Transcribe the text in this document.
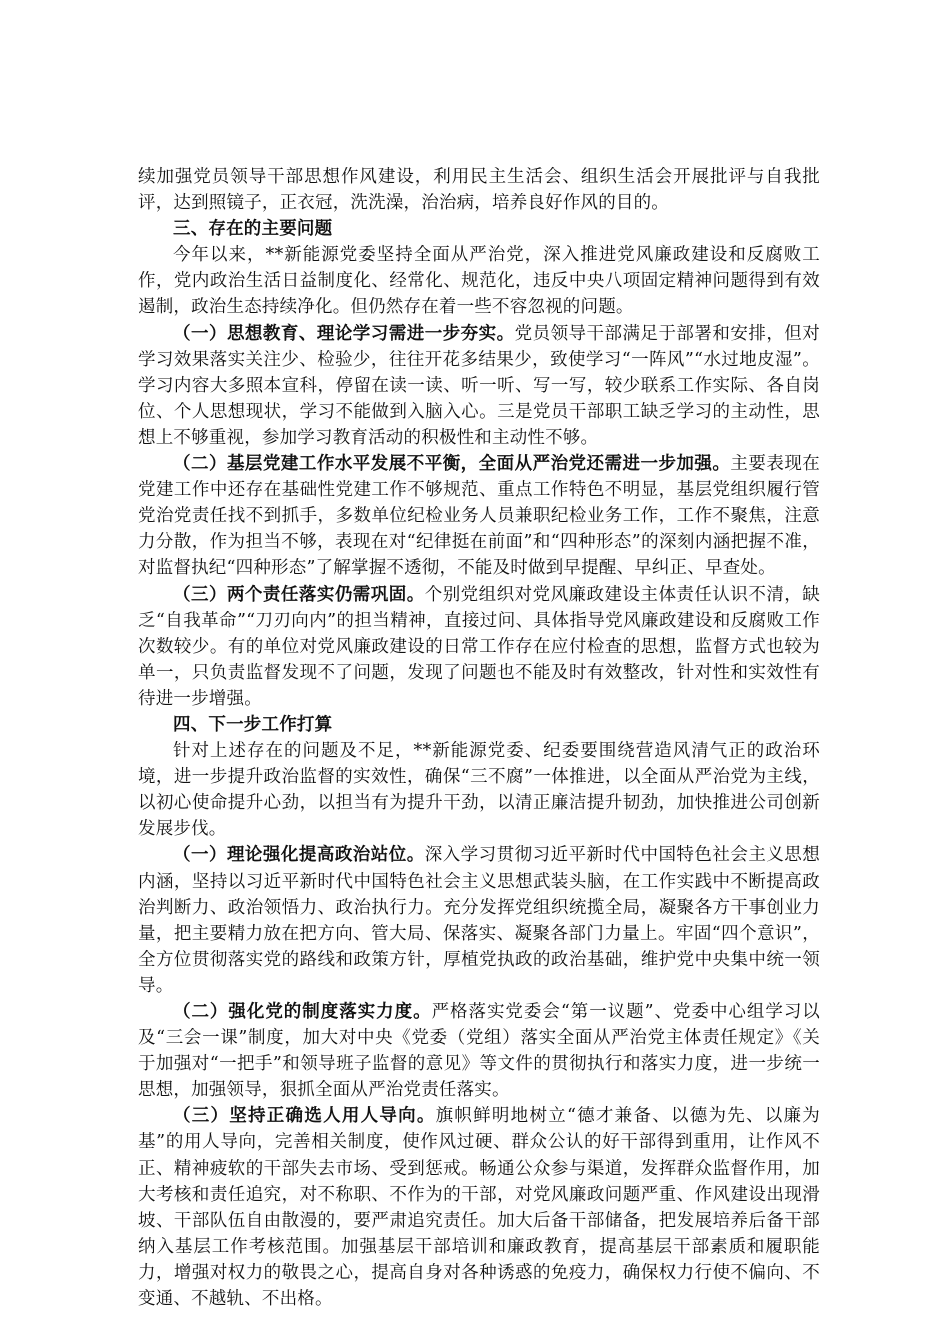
续加强党员领导干部思想作风建设，利用民主生活会、组织生活会开展批评与自我批评，达到照镜子，正衣冠，洗洗澡，治治病，培养良好作风的目的。

三、存在的主要问题

今年以来，**新能源党委坚持全面从严治党，深入推进党风廉政建设和反腐败工作，党内政治生活日益制度化、经常化、规范化，违反中央八项固定精神问题得到有效遏制，政治生态持续净化。但仍然存在着一些不容忽视的问题。

（一）思想教育、理论学习需进一步夯实。党员领导干部满足于部署和安排，但对学习效果落实关注少、检验少，往往开花多结果少，致使学习“一阵风”“水过地皮湿”。学习内容大多照本宣科，停留在读一读、听一听、写一写，较少联系工作实际、各自岗位、个人思想现状，学习不能做到入脑入心。三是党员干部职工缺乏学习的主动性，思想上不够重视，参加学习教育活动的积极性和主动性不够。

（二）基层党建工作水平发展不平衡，全面从严治党还需进一步加强。主要表现在党建工作中还存在基础性党建工作不够规范、重点工作特色不明显，基层党组织履行管党治党责任找不到抓手，多数单位纪检业务人员兼职纪检业务工作，工作不聚焦，注意力分散，作为担当不够，表现在对“纪律挺在前面”和“四种形态”的深刻内涵把握不准，对监督执纪“四种形态”了解掌握不透彻，不能及时做到早提醒、早纠正、早查处。

（三）两个责任落实仍需巩固。个别党组织对党风廉政建设主体责任认识不清，缺乏“自我革命”“刀刃向内”的担当精神，直接过问、具体指导党风廉政建设和反腐败工作次数较少。有的单位对党风廉政建设的日常工作存在应付检查的思想，监督方式也较为单一，只负责监督发现不了问题，发现了问题也不能及时有效整改，针对性和实效性有待进一步增强。

四、下一步工作打算

针对上述存在的问题及不足，**新能源党委、纪委要围绕营造风清气正的政治环境，进一步提升政治监督的实效性，确保“三不腐”一体推进，以全面从严治党为主线，以初心使命提升心劲，以担当有为提升干劲，以清正廉洁提升韧劲，加快推进公司创新发展步伐。

（一）理论强化提高政治站位。深入学习贯彻习近平新时代中国特色社会主义思想内涵，坚持以习近平新时代中国特色社会主义思想武装头脑，在工作实践中不断提高政治判断力、政治领悟力、政治执行力。充分发挥党组织统揽全局，凝聚各方干事创业力量，把主要精力放在把方向、管大局、保落实、凝聚各部门力量上。牢固“四个意识”，全方位贯彻落实党的路线和政策方针，厚植党执政的政治基础，维护党中央集中统一领导。

（二）强化党的制度落实力度。严格落实党委会“第一议题”、党委中心组学习以及“三会一课”制度，加大对中央《党委（党组）落实全面从严治党主体责任规定》《关于加强对“一把手”和领导班子监督的意见》等文件的贯彻执行和落实力度，进一步统一思想，加强领导，狠抓全面从严治党责任落实。

（三）坚持正确选人用人导向。旗帜鲜明地树立“德才兼备、以德为先、以廉为基”的用人导向，完善相关制度，使作风过硬、群众公认的好干部得到重用，让作风不正、精神疲软的干部失去市场、受到惩戒。畅通公众参与渠道，发挥群众监督作用，加大考核和责任追究，对不称职、不作为的干部，对党风廉政问题严重、作风建设出现滑坡、干部队伍自由散漫的，要严肃追究责任。加大后备干部储备，把发展培养后备干部纳入基层工作考核范围。加强基层干部培训和廉政教育，提高基层干部素质和履职能力，增强对权力的敬畏之心，提高自身对各种诱惑的免疫力，确保权力行使不偏向、不变通、不越轨、不出格。
